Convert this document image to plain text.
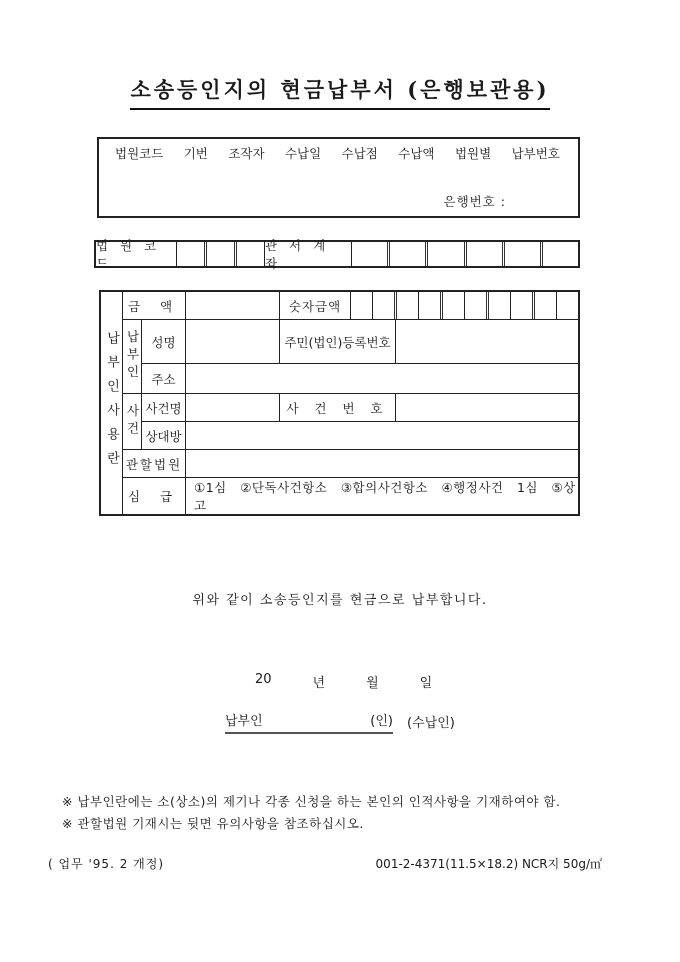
소송등인지의 현금납부서 (은행보관용)
법원코드 기번 조작자 수납일 수납점 수납액 법원별 납부번호
은행번호 :
법 원 코 드
관 서 계 좌
납부인사용란
금 액	숫자금액
납부인 성명	주민(법인)등록번호
주소
사건 사건명	사 건 번 호
상대방
관할법원
심 급
①1심 ②단독사건항소 ③합의사건항소 ④행정사건 1심 ⑤상고
위와 같이 소송등인지를 현금으로 납부합니다.
20	년	월	일
납부인	(인) (수납인)
※ 납부인란에는 소(상소)의 제기나 각종 신청을 하는 본인의 인적사항을 기재하여야 함.
※ 관할법원 기재시는 뒷면 유의사항을 참조하십시오.
( 업무 '95. 2 개정)	001-2-4371(11.5×18.2) NCR지 50g/㎡
